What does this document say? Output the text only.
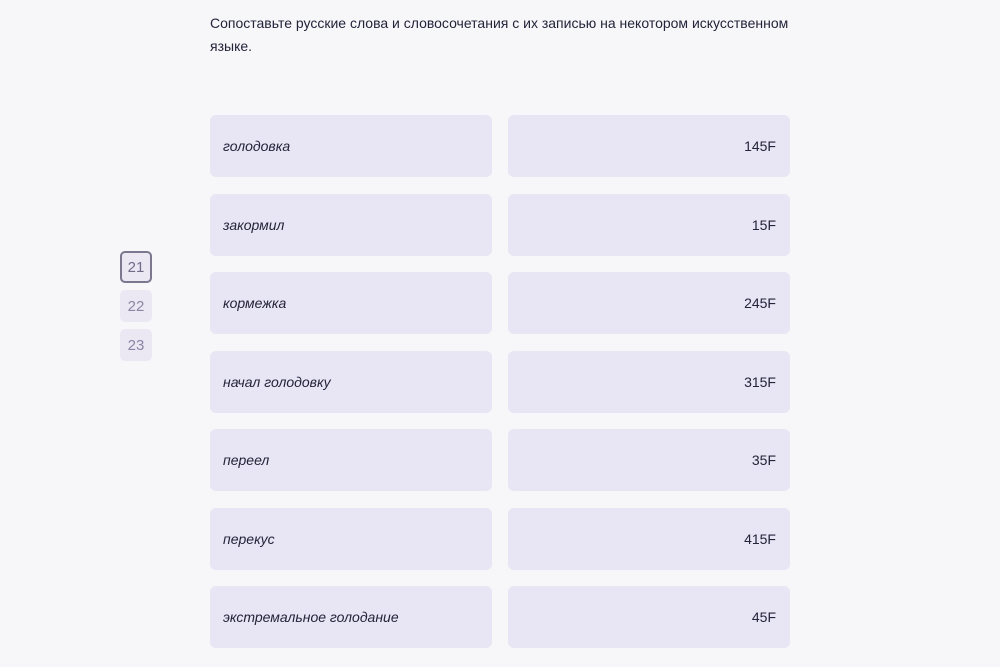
Сопоставьте русские слова и словосочетания с их записью на некотором искусственном языке.

21
22
23
голодовка
закормил
кормежка
начал голодовку
переел
перекус
экстремальное голодание
145F
15F
245F
315F
35F
415F
45F
